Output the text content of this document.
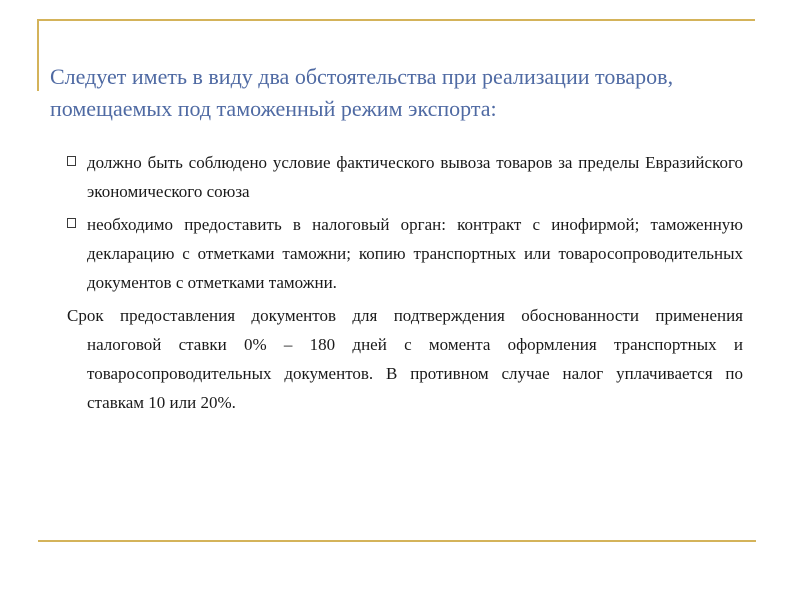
Следует иметь в виду два обстоятельства при реализации товаров, помещаемых под таможенный режим экспорта:
должно быть соблюдено условие фактического вывоза товаров за пределы Евразийского экономического союза
необходимо предоставить в налоговый орган: контракт с инофирмой; таможенную декларацию с отметками таможни; копию транспортных или товаросопроводительных документов с отметками таможни.

Срок предоставления документов для подтверждения обоснованности применения налоговой ставки 0% – 180 дней с момента оформления транспортных и товаросопроводительных документов. В противном случае налог уплачивается по ставкам 10 или 20%.
